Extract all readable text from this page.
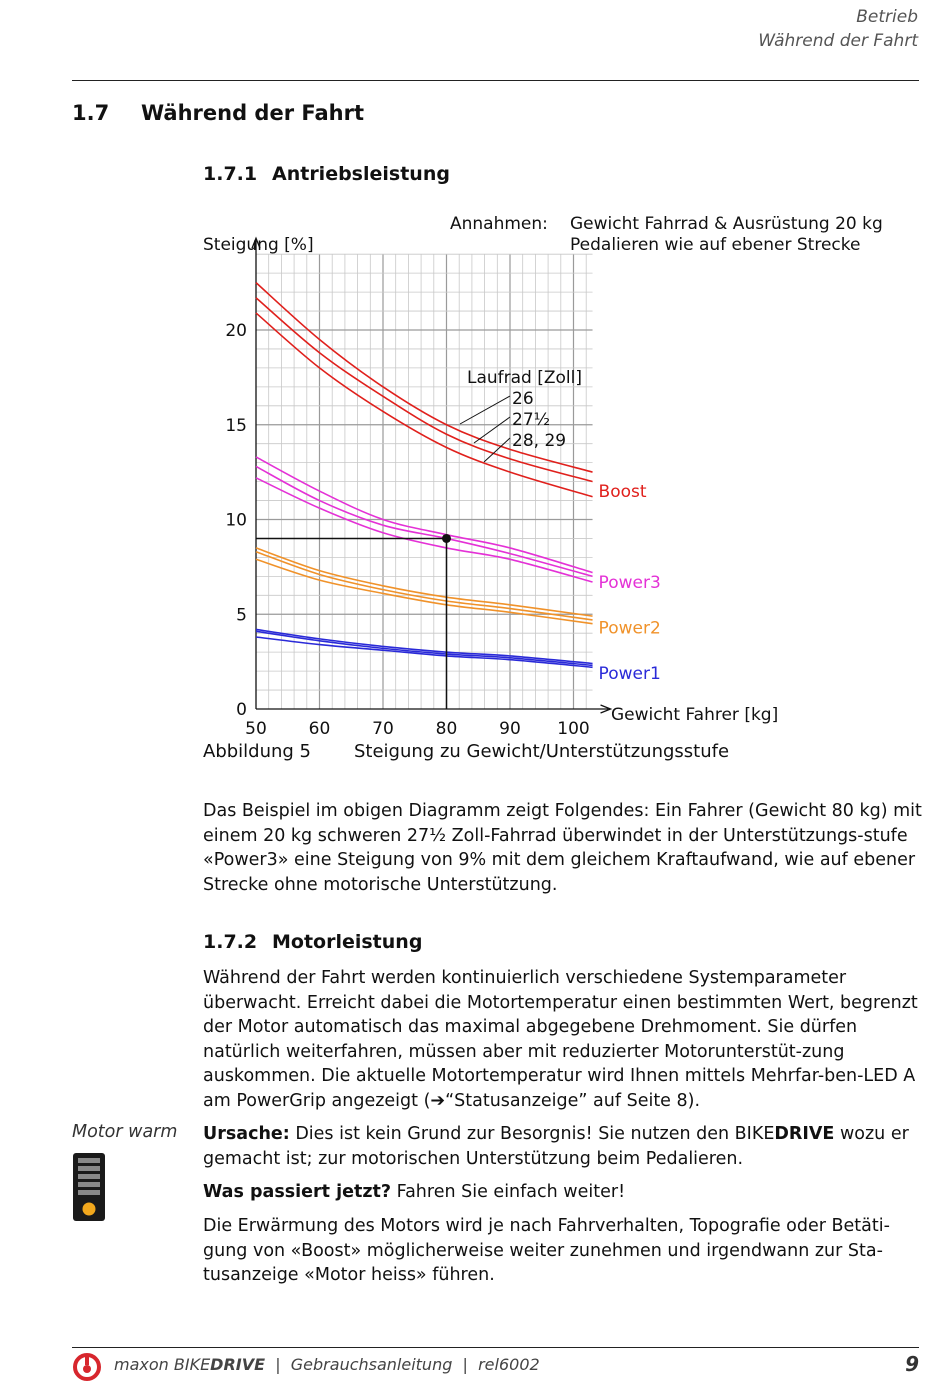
Betrieb
Während der Fahrt
1.7 Während der Fahrt
1.7.1 Antriebsleistung
50 60 70 80 90 100
0
5
10
15
20
Boost
Power3
Power2
Power1
Laufrad [Zoll]
26
27½
28, 29
Annahmen: Gewicht Fahrrad & Ausrüstung 20 kg
Pedalieren wie auf ebener Strecke
Steigung [%]
Gewicht Fahrer [kg]
Abbildung 5 Steigung zu Gewicht/Unterstützungsstufe
Das Beispiel im obigen Diagramm zeigt Folgendes: Ein Fahrer (Gewicht 80 kg) mit einem 20 kg schweren 27½ Zoll-Fahrrad überwindet in der Unterstützungs-stufe «Power3» eine Steigung von 9% mit dem gleichem Kraftaufwand, wie auf ebener Strecke ohne motorische Unterstützung.
1.7.2 Motorleistung
Während der Fahrt werden kontinuierlich verschiedene Systemparameter überwacht. Erreicht dabei die Motortemperatur einen bestimmten Wert, begrenzt der Motor automatisch das maximal abgegebene Drehmoment. Sie dürfen natürlich weiterfahren, müssen aber mit reduzierter Motorunterstüt-zung auskommen. Die aktuelle Motortemperatur wird Ihnen mittels Mehrfar-ben-LED A am PowerGrip angezeigt (➔“Statusanzeige” auf Seite 8).
Motor warm Ursache: Dies ist kein Grund zur Besorgnis! Sie nutzen den BIKEDRIVE wozu er gemacht ist; zur motorischen Unterstützung beim Pedalieren.
Was passiert jetzt? Fahren Sie einfach weiter!
Die Erwärmung des Motors wird je nach Fahrverhalten, Topografie oder Betäti-gung von «Boost» möglicherweise weiter zunehmen und irgendwann zur Sta-tusanzeige «Motor heiss» führen.
maxon BIKEDRIVE  |  Gebrauchsanleitung  |  rel6002	9
